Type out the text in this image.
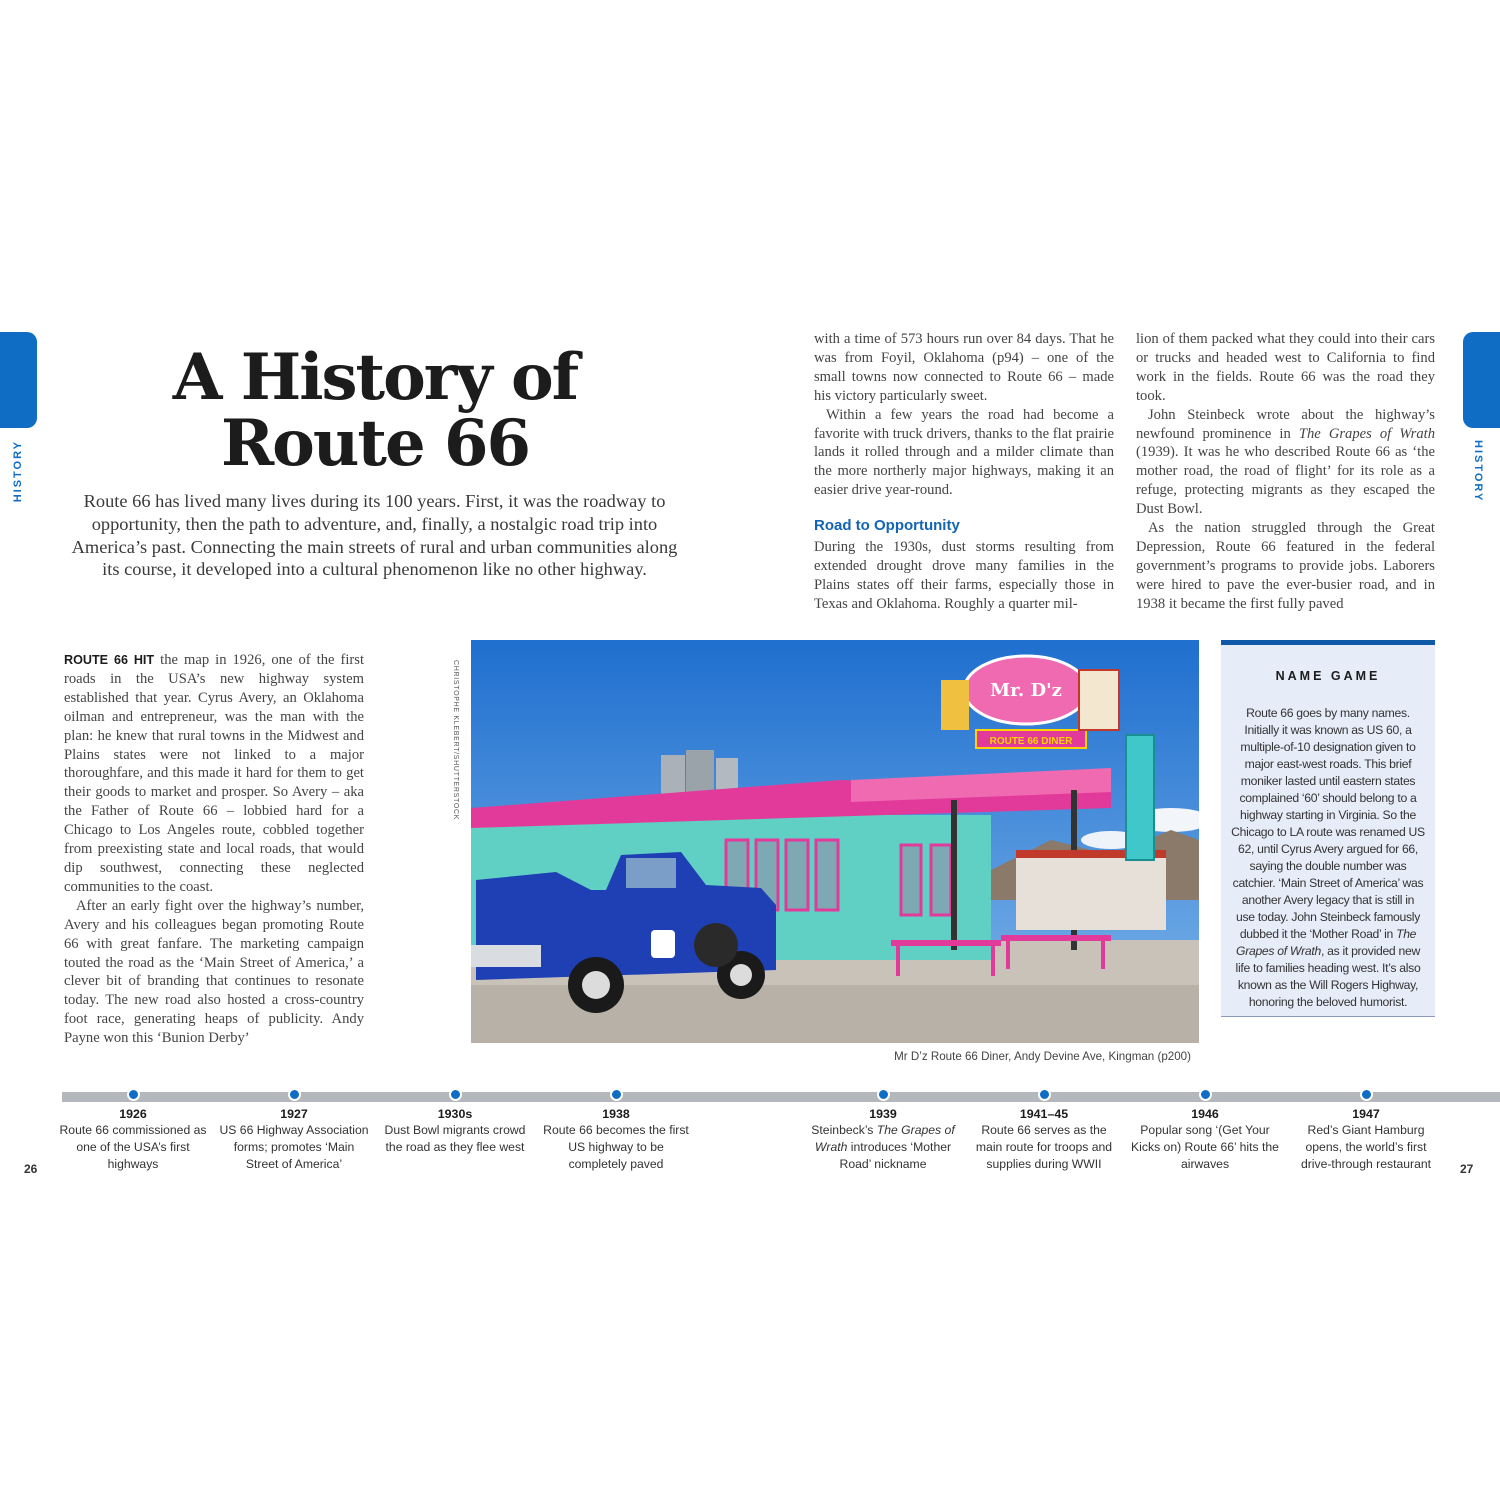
HISTORY	HISTORY
A History of
Route 66

Route 66 has lived many lives during its 100 years. First, it was the roadway to opportunity, then the path to adventure, and, finally, a nostalgic road trip into America’s past. Connecting the main streets of rural and urban communities along its course, it developed into a cultural phenomenon like no other highway.

ROUTE 66 HIT the map in 1926, one of the first roads in the USA’s new highway system established that year. Cyrus Avery, an Oklahoma oilman and entrepreneur, was the man with the plan: he knew that rural towns in the Midwest and Plains states were not linked to a major thoroughfare, and this made it hard for them to get their goods to market and prosper. So Avery – aka the Father of Route 66 – lobbied hard for a Chicago to Los Angeles route, cobbled together from preexisting state and local roads, that would dip southwest, connecting these neglected communities to the coast.

After an early fight over the highway’s number, Avery and his colleagues began promoting Route 66 with great fanfare. The marketing campaign touted the road as the ‘Main Street of America,’ a clever bit of branding that continues to resonate today. The new road also hosted a cross-country foot race, generating heaps of publicity. Andy Payne won this ‘Bunion Derby’

with a time of 573 hours run over 84 days. That he was from Foyil, Oklahoma (p94) – one of the small towns now connected to Route 66 – made his victory particularly sweet.

Within a few years the road had become a favorite with truck drivers, thanks to the flat prairie lands it rolled through and a milder climate than the more northerly major highways, making it an easier drive year-round.

Road to Opportunity

During the 1930s, dust storms resulting from extended drought drove many families in the Plains states off their farms, especially those in Texas and Oklahoma. Roughly a quarter mil-

lion of them packed what they could into their cars or trucks and headed west to California to find work in the fields. Route 66 was the road they took.

John Steinbeck wrote about the highway’s newfound prominence in The Grapes of Wrath (1939). It was he who described Route 66 as ‘the mother road, the road of flight’ for its role as a refuge, protecting migrants as they escaped the Dust Bowl.

As the nation struggled through the Great Depression, Route 66 featured in the federal government’s programs to provide jobs. Laborers were hired to pave the ever-busier road, and in 1938 it became the first fully paved

CHRISTOPHE KLEBERT/SHUTTERSTOCK	Mr. D'z
ROUTE 66 DINER
Mr D’z Route 66 Diner, Andy Devine Ave, Kingman (p200)
NAME GAME
Route 66 goes by many names. Initially it was known as US 60, a multiple-of-10 designation given to major east-west roads. This brief moniker lasted until eastern states complained ‘60’ should belong to a highway starting in Virginia. So the Chicago to LA route was renamed US 62, until Cyrus Avery argued for 66, saying the double number was catchier. ‘Main Street of America’ was another Avery legacy that is still in use today. John Steinbeck famously dubbed it the ‘Mother Road’ in The Grapes of Wrath, as it provided new life to families heading west. It’s also known as the Will Rogers Highway, honoring the beloved humorist.
1926
Route 66 commissioned as one of the USA’s first highways
1927
US 66 Highway Association forms; promotes ‘Main Street of America’
1930s
Dust Bowl migrants crowd the road as they flee west
1938
Route 66 becomes the first US highway to be completely paved
1939
Steinbeck’s The Grapes of Wrath introduces ‘Mother Road’ nickname
1941–45
Route 66 serves as the main route for troops and supplies during WWII
1946
Popular song ‘(Get Your Kicks on) Route 66’ hits the airwaves
1947
Red’s Giant Hamburg opens, the world’s first drive-through restaurant
26	27
